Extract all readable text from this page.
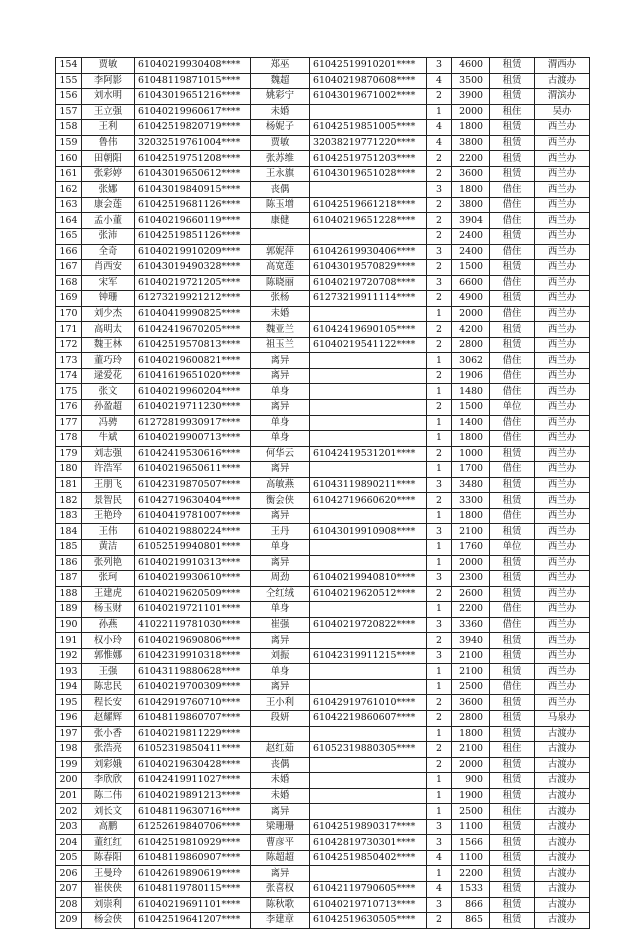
154	贾敏	61040219930408****	郑巫	61042519910201****	3	4600	租赁	渭西办
155	李阿影	61048119871015****	魏超	61040219870608****	4	3500	租赁	古渡办
156	刘水明	61043019651216****	姚彩宁	61043019671002****	2	3900	租赁	渭滨办
157	王立强	61040219960617****	未婚		1	2000	租住	吴办
158	王利	61042519820719****	杨妮子	61042519851005****	4	1800	租赁	西兰办
159	鲁伟	32032519761004****	贾敏	32038219771220****	4	3800	租赁	西兰办
160	田朝阳	61042519751208****	张苏维	61042519751203****	2	2200	租赁	西兰办
161	张彩婷	61043019650612****	王永旗	61043019651028****	2	3600	租赁	西兰办
162	张娜	61043019840915****	丧偶		3	1800	借住	西兰办
163	康会莲	61042519681126****	陈玉增	61042519661218****	2	3800	借住	西兰办
164	孟小董	61040219660119****	康健	61040219651228****	2	3904	借住	西兰办
165	张沛	61042519851126****			2	2400	租赁	西兰办
166	全奇	61040219910209****	郭妮萍	61042619930406****	3	2400	借住	西兰办
167	肖西安	61043019490328****	高宽莲	61043019570829****	2	1500	租赁	西兰办
168	宋军	61040219721205****	陈晓丽	61040219720708****	3	6600	借住	西兰办
169	钟珊	61273219921212****	张杨	61273219911114****	2	4900	租赁	西兰办
170	刘少杰	61040419990825****	未婚		1	2000	借住	西兰办
171	高明太	61042419670205****	魏亚兰	61042419690105****	2	4200	租赁	西兰办
172	魏王林	61042519570813****	祖玉兰	61040219541122****	2	2800	租赁	西兰办
173	董巧玲	61040219600821****	离异		1	3062	借住	西兰办
174	逯爱花	61041619651020****	离异		2	1906	借住	西兰办
175	张文	61040219960204****	单身		1	1480	借住	西兰办
176	孙盈超	61040219711230****	离异		2	1500	单位	西兰办
177	冯骋	61272819930917****	单身		1	1400	借住	西兰办
178	牛斌	61040219900713****	单身		1	1800	借住	西兰办
179	刘志强	61042419530616****	何华云	61042419531201****	2	1000	租赁	西兰办
180	许浩军	61040219650611****	离异		1	1700	借住	西兰办
181	王朋飞	61042319870507****	高敏燕	61043119890211****	3	3480	租赁	西兰办
182	景智民	61042719630404****	衡会侠	61042719660620****	2	3300	租赁	西兰办
183	王艳玲	61040419781007****	离异		1	1800	借住	西兰办
184	王伟	61040219880224****	王丹	61043019910908****	3	2100	租赁	西兰办
185	黄洁	61052519940801****	单身		1	1760	单位	西兰办
186	张列艳	61040219910313****	离异		1	2000	租赁	西兰办
187	张珂	61040219930610****	周劲	61040219940810****	3	2300	租赁	西兰办
188	王建虎	61040219620509****	仝红绒	61040219620512****	2	2600	租赁	西兰办
189	杨玉财	61040219721101****	单身		1	2200	借住	西兰办
190	孙燕	41022119781030****	崔强	61040219720822****	3	3360	借住	西兰办
191	权小玲	61040219690806****	离异		2	3940	租赁	西兰办
192	郭惟娜	61042319910318****	刘振	61042319911215****	3	2100	租赁	西兰办
193	王强	61043119880628****	单身		1	2100	租赁	西兰办
194	陈忠民	61040219700309****	离异		1	2500	借住	西兰办
195	程长安	61042919760710****	王小利	61042919761010****	2	3600	租赁	西兰办
196	赵耀辉	61048119860707****	段妍	61042219860607****	2	2800	租赁	马泉办
197	张小香	61040219811229****			1	1800	租赁	古渡办
198	张浩亮	61052319850411****	赵红茹	61052319880305****	2	2100	租住	古渡办
199	刘彩娥	61040219630428****	丧偶		2	2000	租赁	古渡办
200	李欣欣	61042419911027****	未婚		1	900	租赁	古渡办
201	陈二伟	61040219891213****	未婚		1	1900	租赁	古渡办
202	刘长文	61048119630716****	离异		1	2500	租住	古渡办
203	高鹏	61252619840706****	梁珊珊	61042519890317****	3	1100	租赁	古渡办
204	董红红	61042519810929****	曹彦平	61042819730301****	3	1566	租赁	古渡办
205	陈春阳	61048119860907****	陈超超	61042519850402****	4	1100	租赁	古渡办
206	王曼玲	61042619890619****	离异		1	2200	租赁	古渡办
207	崔侠侠	61048119780115****	张喜权	61042119790605****	4	1533	租赁	古渡办
208	刘崇利	61040219691101****	陈秋歌	61040219710713****	3	866	租赁	古渡办
209	杨会侠	61042519641207****	李建章	61042519630505****	2	865	租赁	古渡办
